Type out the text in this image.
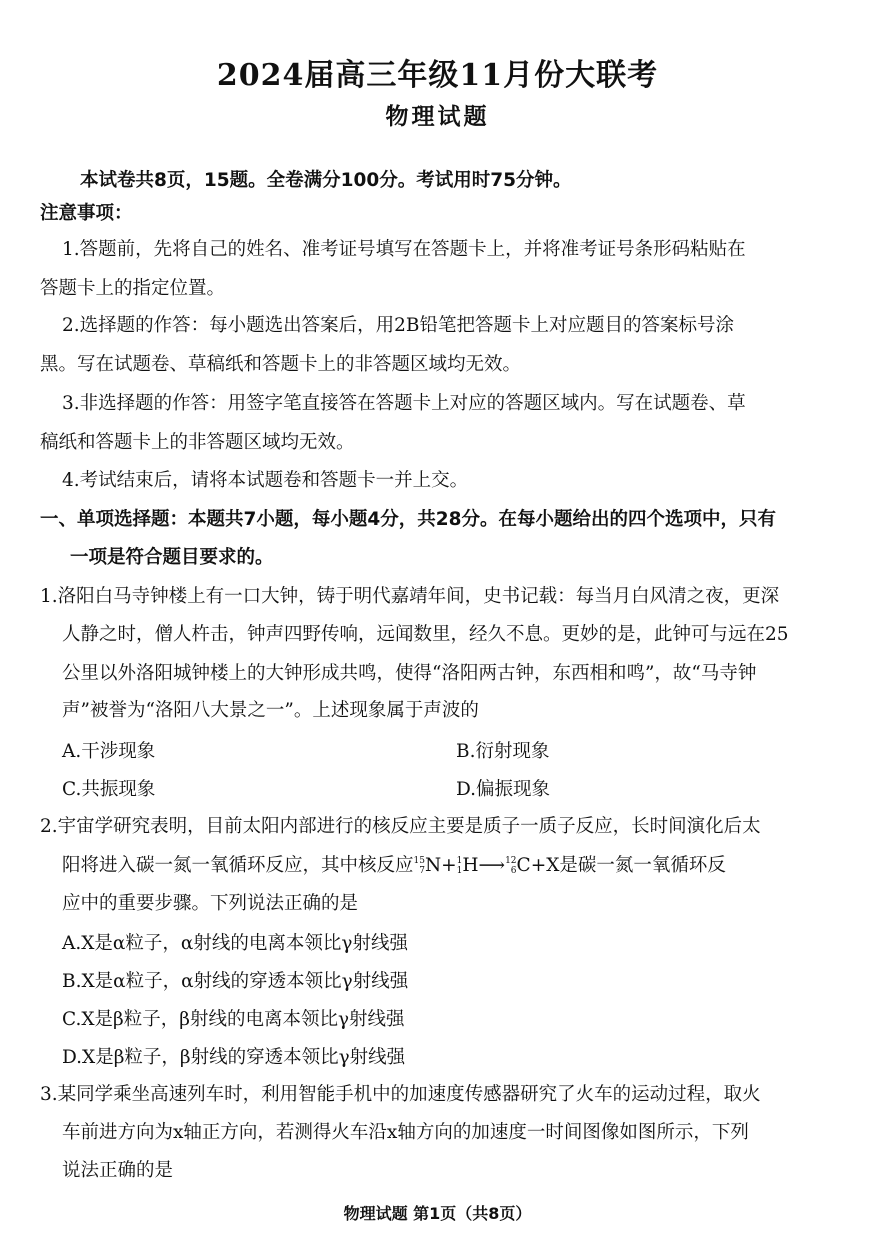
2024届高三年级11月份大联考
物理试题
本试卷共8页，15题。全卷满分100分。考试用时75分钟。
注意事项：
1.答题前，先将自己的姓名、准考证号填写在答题卡上，并将准考证号条形码粘贴在
答题卡上的指定位置。
2.选择题的作答：每小题选出答案后，用2B铅笔把答题卡上对应题目的答案标号涂
黑。写在试题卷、草稿纸和答题卡上的非答题区域均无效。
3.非选择题的作答：用签字笔直接答在答题卡上对应的答题区域内。写在试题卷、草
稿纸和答题卡上的非答题区域均无效。
4.考试结束后，请将本试题卷和答题卡一并上交。
一、单项选择题：本题共7小题，每小题4分，共28分。在每小题给出的四个选项中，只有
一项是符合题目要求的。
1.洛阳白马寺钟楼上有一口大钟，铸于明代嘉靖年间，史书记载：每当月白风清之夜，更深
人静之时，僧人杵击，钟声四野传响，远闻数里，经久不息。更妙的是，此钟可与远在25
公里以外洛阳城钟楼上的大钟形成共鸣，使得“洛阳两古钟，东西相和鸣”，故“马寺钟
声”被誉为“洛阳八大景之一”。上述现象属于声波的
A.干涉现象	B.衍射现象
C.共振现象	D.偏振现象
2.宇宙学研究表明，目前太阳内部进行的核反应主要是质子一质子反应，长时间演化后太
阳将进入碳一氮一氧循环反应，其中核反应 15
7 N+ 1
1 H⟶ 12
6 C+X是碳一氮一氧循环反
应中的重要步骤。下列说法正确的是
A.X是α粒子，α射线的电离本领比γ射线强
B.X是α粒子，α射线的穿透本领比γ射线强
C.X是β粒子，β射线的电离本领比γ射线强
D.X是β粒子，β射线的穿透本领比γ射线强
3.某同学乘坐高速列车时，利用智能手机中的加速度传感器研究了火车的运动过程，取火
车前进方向为x轴正方向，若测得火车沿x轴方向的加速度一时间图像如图所示，下列
说法正确的是
物理试题 第1页（共8页）
